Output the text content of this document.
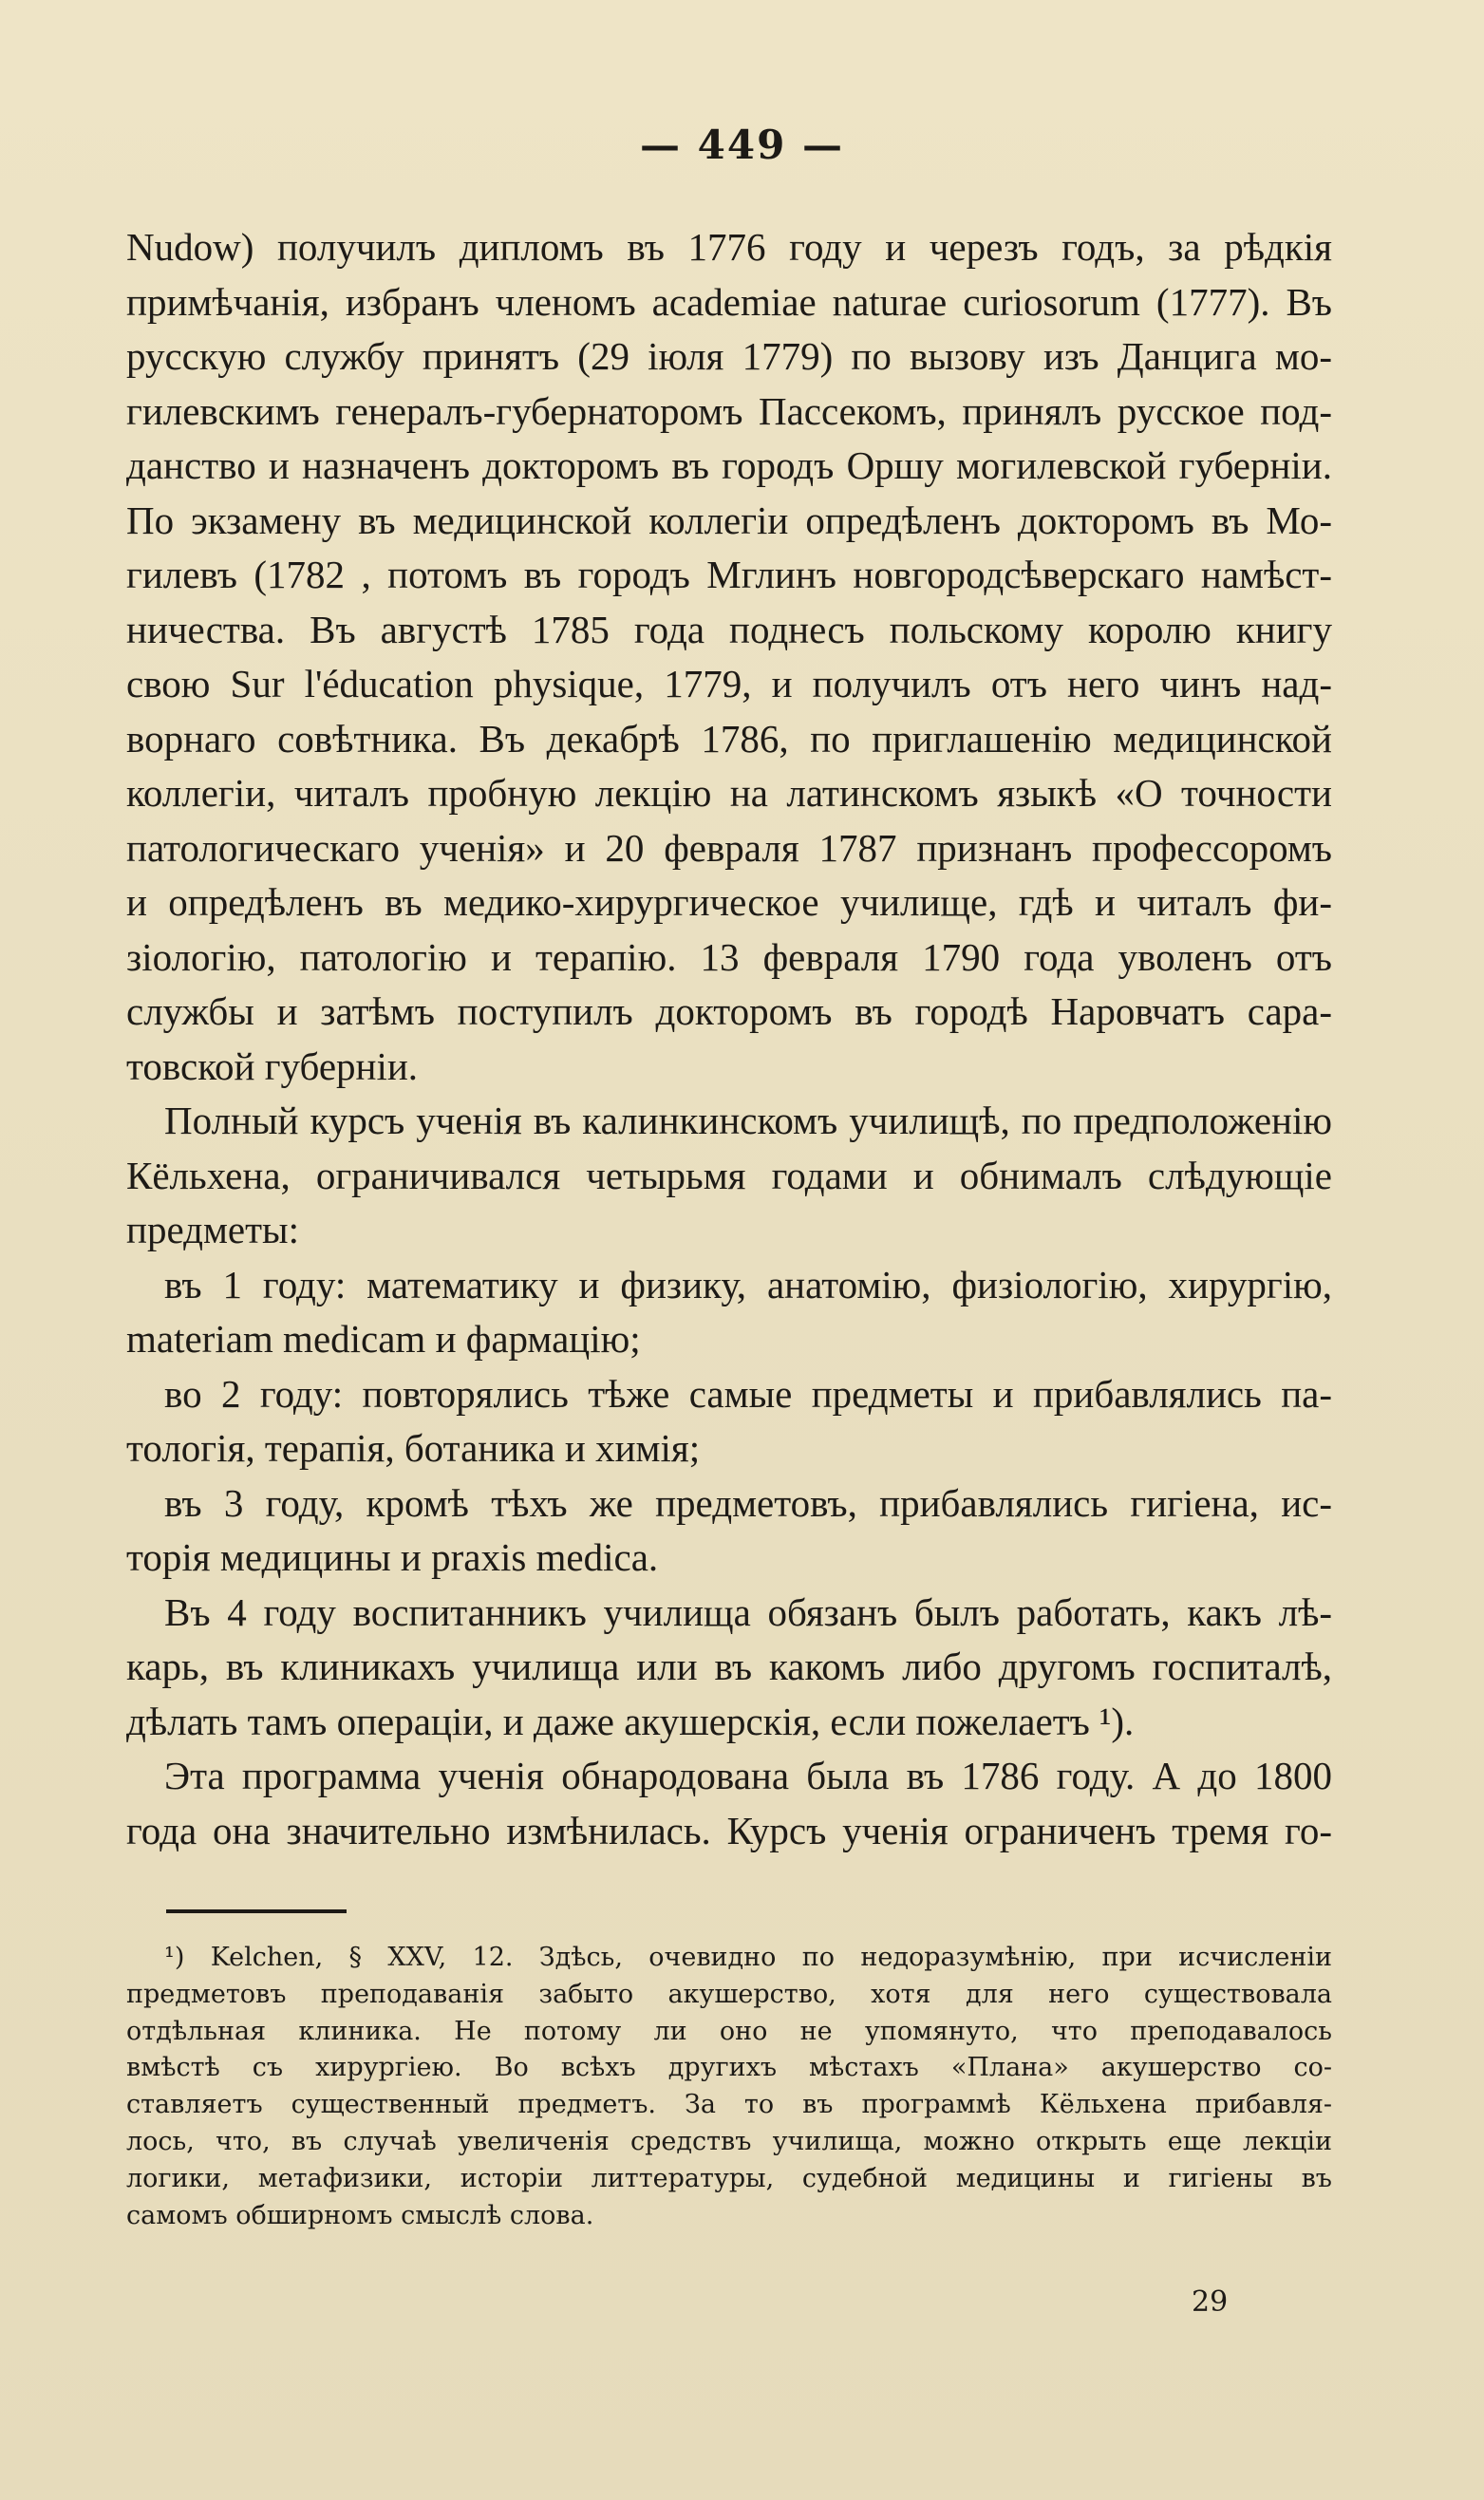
— 449 —

Nudow) получилъ дипломъ въ 1776 году и черезъ годъ, за рѣдкія
примѣчанія, избранъ членомъ academiae naturae curiosorum (1777). Въ
русскую службу принятъ (29 іюля 1779) по вызову изъ Данцига мо-
гилевскимъ генералъ-губернаторомъ Пассекомъ, принялъ русское под-
данство и назначенъ докторомъ въ городъ Оршу могилевской губерніи.
По экзамену въ медицинской коллегіи опредѣленъ докторомъ въ Мо-
гилевъ (1782 , потомъ въ городъ Мглинъ новгородсѣверскаго намѣст-
ничества. Въ августѣ 1785 года поднесъ польскому королю книгу
свою Sur l'éducation physique, 1779, и получилъ отъ него чинъ над-
ворнаго совѣтника. Въ декабрѣ 1786, по приглашенію медицинской
коллегіи, читалъ пробную лекцію на латинскомъ языкѣ «О точности
патологическаго ученія» и 20 февраля 1787 признанъ профессоромъ
и опредѣленъ въ медико-хирургическое училище, гдѣ и читалъ фи-
зіологію, патологію и терапію. 13 февраля 1790 года уволенъ отъ
службы и затѣмъ поступилъ докторомъ въ городѣ Наровчатъ сара-
товской губерніи.

Полный курсъ ученія въ калинкинскомъ училищѣ, по предположенію
Кёльхена, ограничивался четырьмя годами и обнималъ слѣдующіе
предметы:

въ 1 году: математику и физику, анатомію, физіологію, хирургію,
materiam medicam и фармацію;

во 2 году: повторялись тѣже самые предметы и прибавлялись па-
тологія, терапія, ботаника и химія;

въ 3 году, кромѣ тѣхъ же предметовъ, прибавлялись гигіена, ис-
торія медицины и praxis medica.

Въ 4 году воспитанникъ училища обязанъ былъ работать, какъ лѣ-
карь, въ клиникахъ училища или въ какомъ либо другомъ госпиталѣ,
дѣлать тамъ операціи, и даже акушерскія, если пожелаетъ ¹).

Эта программа ученія обнародована была въ 1786 году. А до 1800
года она значительно измѣнилась. Курсъ ученія ограниченъ тремя го-

¹) Kelchen, § XXV, 12. Здѣсь, очевидно по недоразумѣнію, при исчисленіи
предметовъ преподаванія забыто акушерство, хотя для него существовала
отдѣльная клиника. Не потому ли оно не упомянуто, что преподавалось
вмѣстѣ съ хирургіею. Во всѣхъ другихъ мѣстахъ «Плана» акушерство со-
ставляетъ существенный предметъ. За то въ программѣ Кёльхена прибавля-
лось, что, въ случаѣ увеличенія средствъ училища, можно открыть еще лекціи
логики, метафизики, исторіи литтературы, судебной медицины и гигіены въ
самомъ обширномъ смыслѣ слова.
29
